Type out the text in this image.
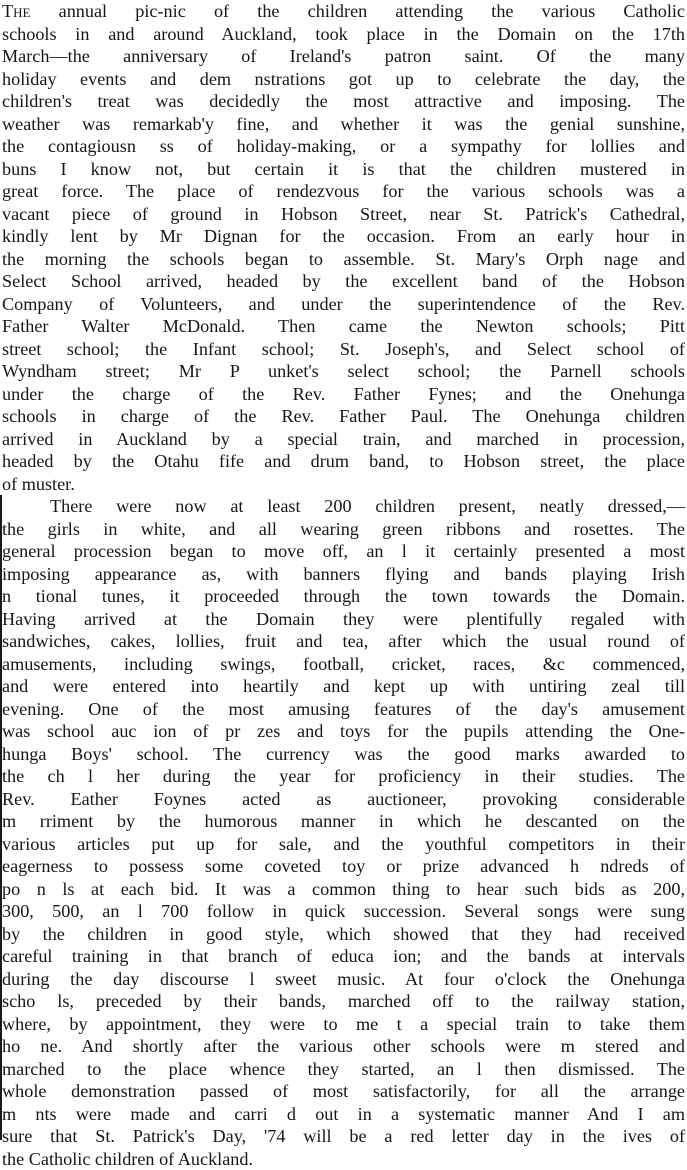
The annual pic-nic of the children attending the various Catholic
schools in and around Auckland, took place in the Domain on the 17th
March—the anniversary of Ireland's patron saint. Of the many
holiday events and dem nstrations got up to celebrate the day, the
children's treat was decidedly the most attractive and imposing. The
weather was remarkab'y fine, and whether it was the genial sunshine,
the contagiousn ss of holiday-making, or a sympathy for lollies and
buns I know not, but certain it is that the children mustered in
great force. The place of rendezvous for the various schools was a
vacant piece of ground in Hobson Street, near St. Patrick's Cathedral,
kindly lent by Mr Dignan for the occasion. From an early hour in
the morning the schools began to assemble. St. Mary's Orph nage and
Select School arrived, headed by the excellent band of the Hobson
Company of Volunteers, and under the superintendence of the Rev.
Father Walter McDonald. Then came the Newton schools; Pitt
street school; the Infant school; St. Joseph's, and Select school of
Wyndham street; Mr P unket's select school; the Parnell schools
under the charge of the Rev. Father Fynes; and the Onehunga
schools in charge of the Rev. Father Paul. The Onehunga children
arrived in Auckland by a special train, and marched in procession,
headed by the Otahu fife and drum band, to Hobson street, the place
of muster.
There were now at least 200 children present, neatly dressed,—
the girls in white, and all wearing green ribbons and rosettes. The
general procession began to move off, an l it certainly presented a most
imposing appearance as, with banners flying and bands playing Irish
n tional tunes, it proceeded through the town towards the Domain.
Having arrived at the Domain they were plentifully regaled with
sandwiches, cakes, lollies, fruit and tea, after which the usual round of
amusements, including swings, football, cricket, races, &c commenced,
and were entered into heartily and kept up with untiring zeal till
evening. One of the most amusing features of the day's amusement
was school auc ion of pr zes and toys for the pupils attending the One-
hunga Boys' school. The currency was the good marks awarded to
the ch l her during the year for proficiency in their studies. The
Rev. Eather Foynes acted as auctioneer, provoking considerable
m rriment by the humorous manner in which he descanted on the
various articles put up for sale, and the youthful competitors in their
eagerness to possess some coveted toy or prize advanced h ndreds of
po n ls at each bid. It was a common thing to hear such bids as 200,
300, 500, an l 700 follow in quick succession. Several songs were sung
by the children in good style, which showed that they had received
careful training in that branch of educa ion; and the bands at intervals
during the day discourse l sweet music. At four o'clock the Onehunga
scho ls, preceded by their bands, marched off to the railway station,
where, by appointment, they were to me t a special train to take them
ho ne. And shortly after the various other schools were m stered and
marched to the place whence they started, an l then dismissed. The
whole demonstration passed of most satisfactorily, for all the arrange
m nts were made and carri d out in a systematic manner And I am
sure that St. Patrick's Day, '74 will be a red letter day in the ives of
the Catholic children of Auckland.
